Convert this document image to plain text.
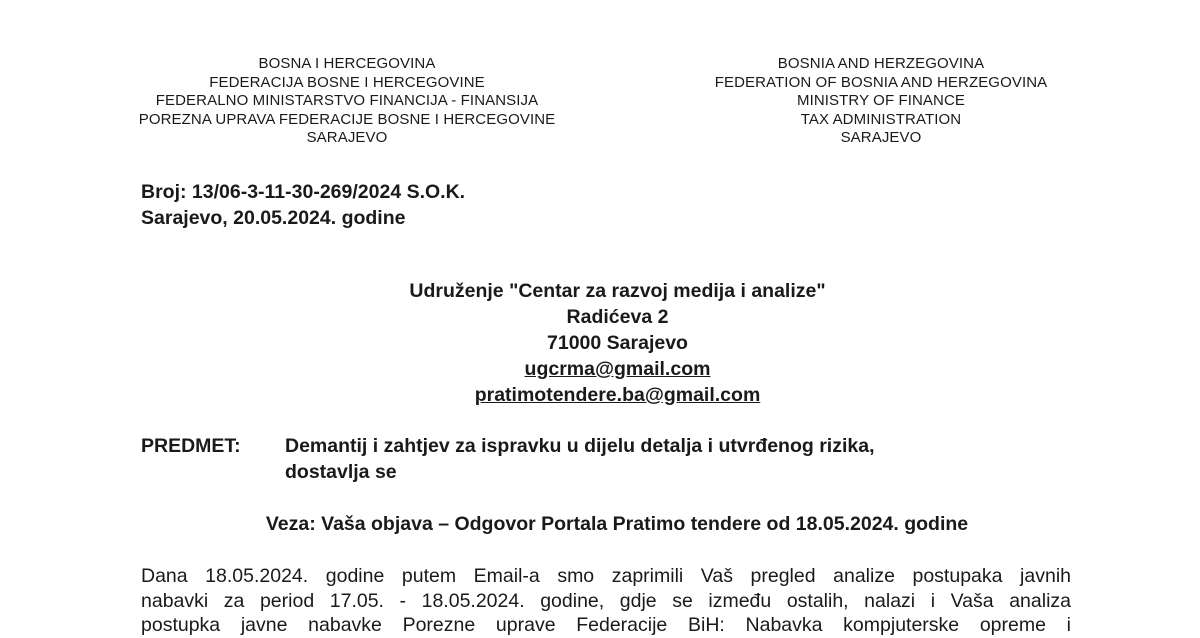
BOSNA I HERCEGOVINA
FEDERACIJA BOSNE I HERCEGOVINE
FEDERALNO MINISTARSTVO FINANCIJA - FINANSIJA
POREZNA UPRAVA FEDERACIJE BOSNE I HERCEGOVINE
SARAJEVO
BOSNIA AND HERZEGOVINA
FEDERATION OF BOSNIA AND HERZEGOVINA
MINISTRY OF FINANCE
TAX ADMINISTRATION
SARAJEVO
Broj: 13/06-3-11-30-269/2024 S.O.K.
Sarajevo, 20.05.2024. godine
Udruženje "Centar za razvoj medija i analize"
Radićeva 2
71000 Sarajevo
ugcrma@gmail.com
pratimotendere.ba@gmail.com
PREDMET: Demantij i zahtjev za ispravku u dijelu detalja i utvrđenog rizika,
dostavlja se
Veza: Vaša objava – Odgovor Portala Pratimo tendere od 18.05.2024. godine
Dana 18.05.2024. godine putem Email-a smo zaprimili Vaš pregled analize postupaka javnih
nabavki za period 17.05. - 18.05.2024. godine, gdje se između ostalih, nalazi i Vaša analiza
postupka javne nabavke Porezne uprave Federacije BiH: Nabavka kompjuterske opreme i
